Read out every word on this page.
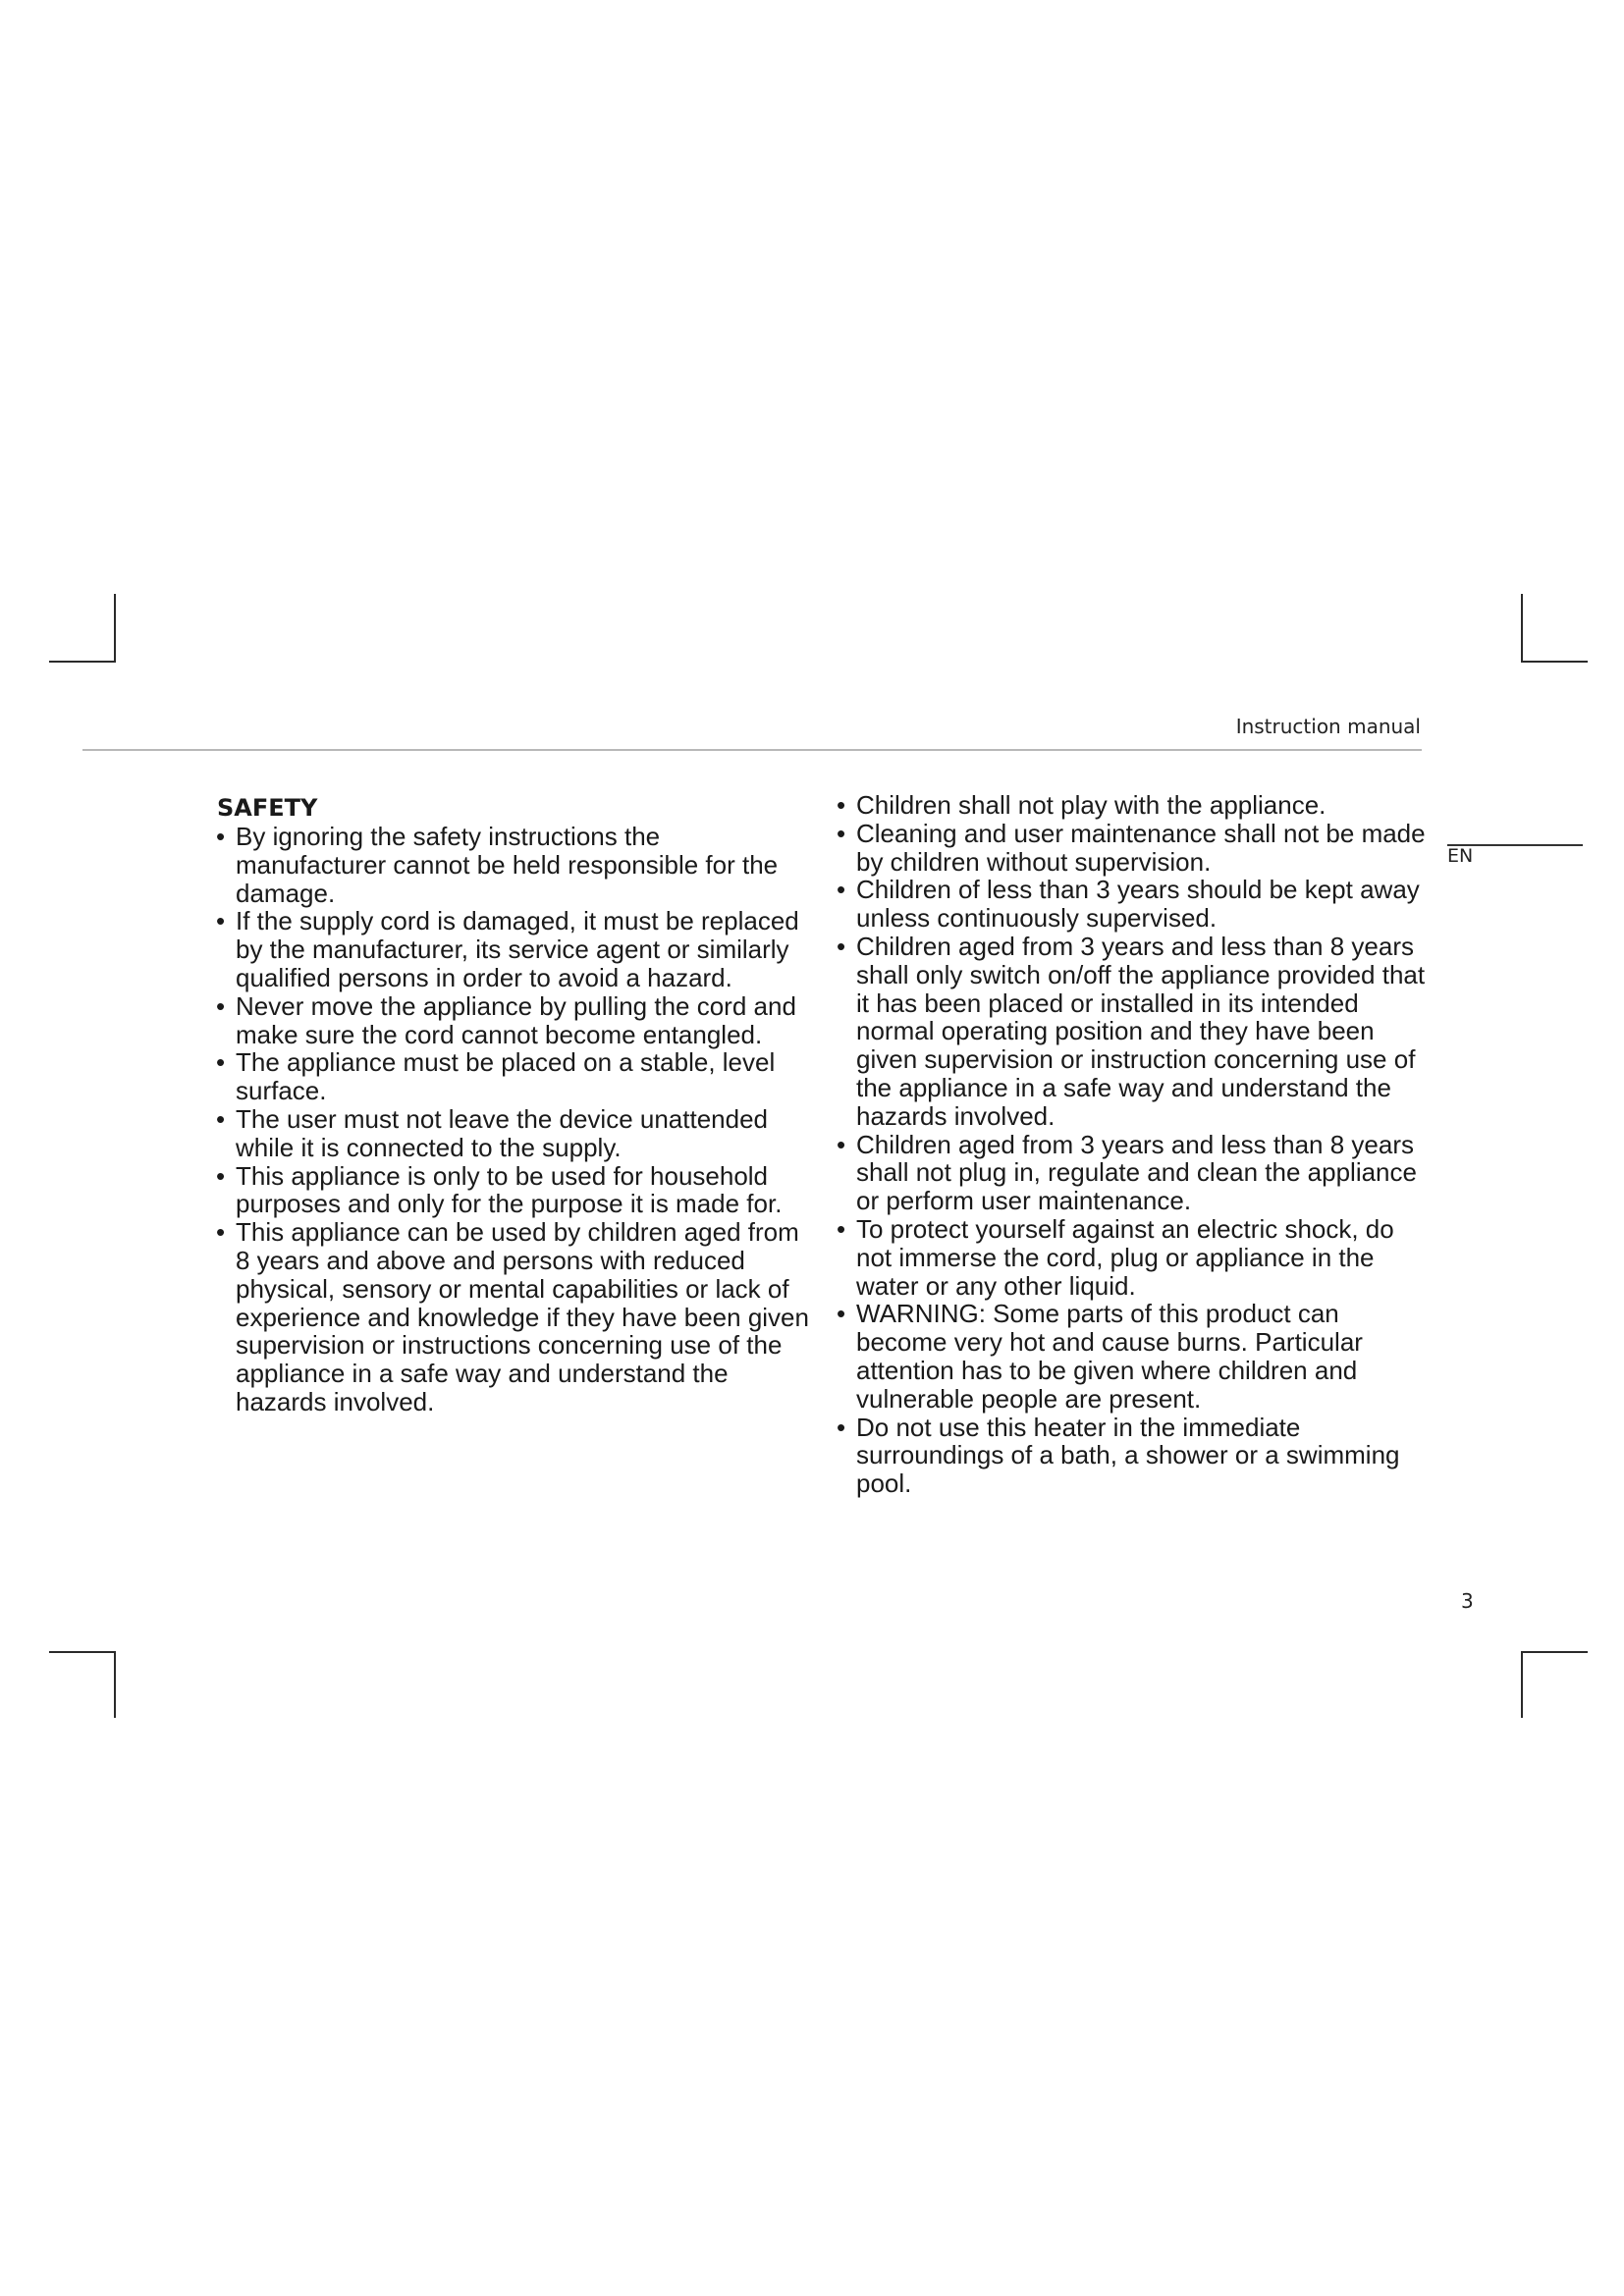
Instruction manual
EN
SAFETY
• By ignoring the safety instructions the manufacturer cannot be held responsible for the damage.
• If the supply cord is damaged, it must be replaced by the manufacturer, its service agent or similarly qualified persons in order to avoid a hazard.
• Never move the appliance by pulling the cord and make sure the cord cannot become entangled.
• The appliance must be placed on a stable, level surface.
• The user must not leave the device unattended while it is connected to the supply.
• This appliance is only to be used for household purposes and only for the purpose it is made for.
• This appliance can be used by children aged from 8 years and above and persons with reduced physical, sensory or mental capabilities or lack of experience and knowledge if they have been given supervision or instructions concerning use of the appliance in a safe way and understand the hazards involved.
• Children shall not play with the appliance.
• Cleaning and user maintenance shall not be made by children without supervision.
• Children of less than 3 years should be kept away unless continuously supervised.
• Children aged from 3 years and less than 8 years shall only switch on/off the appliance provided that it has been placed or installed in its intended normal operating position and they have been given supervision or instruction concerning use of the appliance in a safe way and understand the hazards involved.
• Children aged from 3 years and less than 8 years shall not plug in, regulate and clean the appliance or perform user maintenance.
• To protect yourself against an electric shock, do not immerse the cord, plug or appliance in the water or any other liquid.
• WARNING: Some parts of this product can become very hot and cause burns. Particular attention has to be given where children and vulnerable people are present.
• Do not use this heater in the immediate surroundings of a bath, a shower or a swimming pool.
3
